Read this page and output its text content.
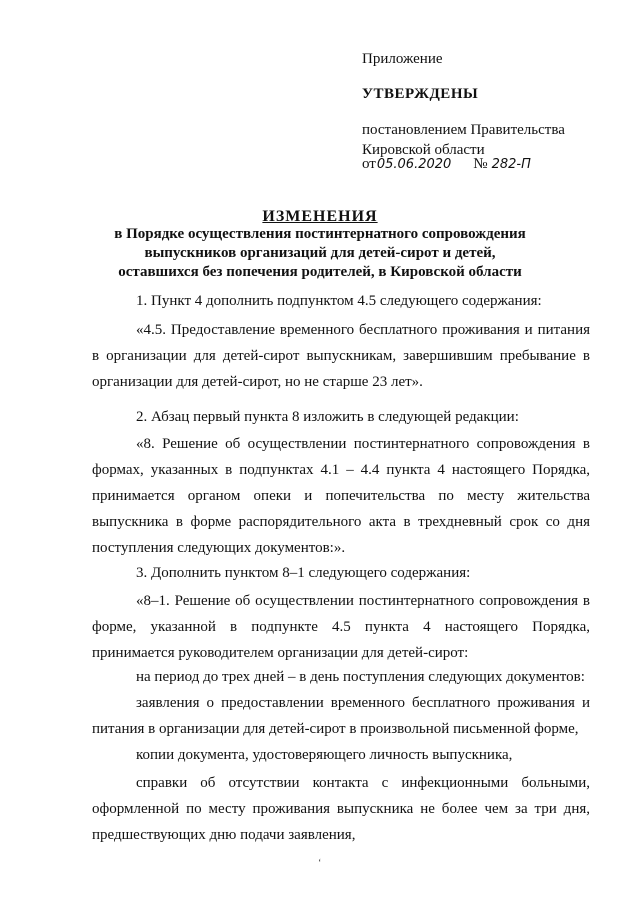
Приложение
УТВЕРЖДЕНЫ
постановлением Правительства Кировской области
от05.06.2020 № 282-П
ИЗМЕНЕНИЯ
в Порядке осуществления постинтернатного сопровождения выпускников организаций для детей-сирот и детей, оставшихся без попечения родителей, в Кировской области
1. Пункт 4 дополнить подпунктом 4.5 следующего содержания:
«4.5. Предоставление временного бесплатного проживания и питания в организации для детей-сирот выпускникам, завершившим пребывание в организации для детей-сирот, но не старше 23 лет».
2. Абзац первый пункта 8 изложить в следующей редакции:
«8. Решение об осуществлении постинтернатного сопровождения в формах, указанных в подпунктах 4.1 – 4.4 пункта 4 настоящего Порядка, принимается органом опеки и попечительства по месту жительства выпускника в форме распорядительного акта в трехдневный срок со дня поступления следующих документов:».
3. Дополнить пунктом 8–1 следующего содержания:
«8–1. Решение об осуществлении постинтернатного сопровождения в форме, указанной в подпункте 4.5 пункта 4 настоящего Порядка, принимается руководителем организации для детей-сирот:
на период до трех дней – в день поступления следующих документов:
заявления о предоставлении временного бесплатного проживания и питания в организации для детей-сирот в произвольной письменной форме,
копии документа, удостоверяющего личность выпускника,
справки об отсутствии контакта с инфекционными больными, оформленной по месту проживания выпускника не более чем за три дня, предшествующих дню подачи заявления,
‘
